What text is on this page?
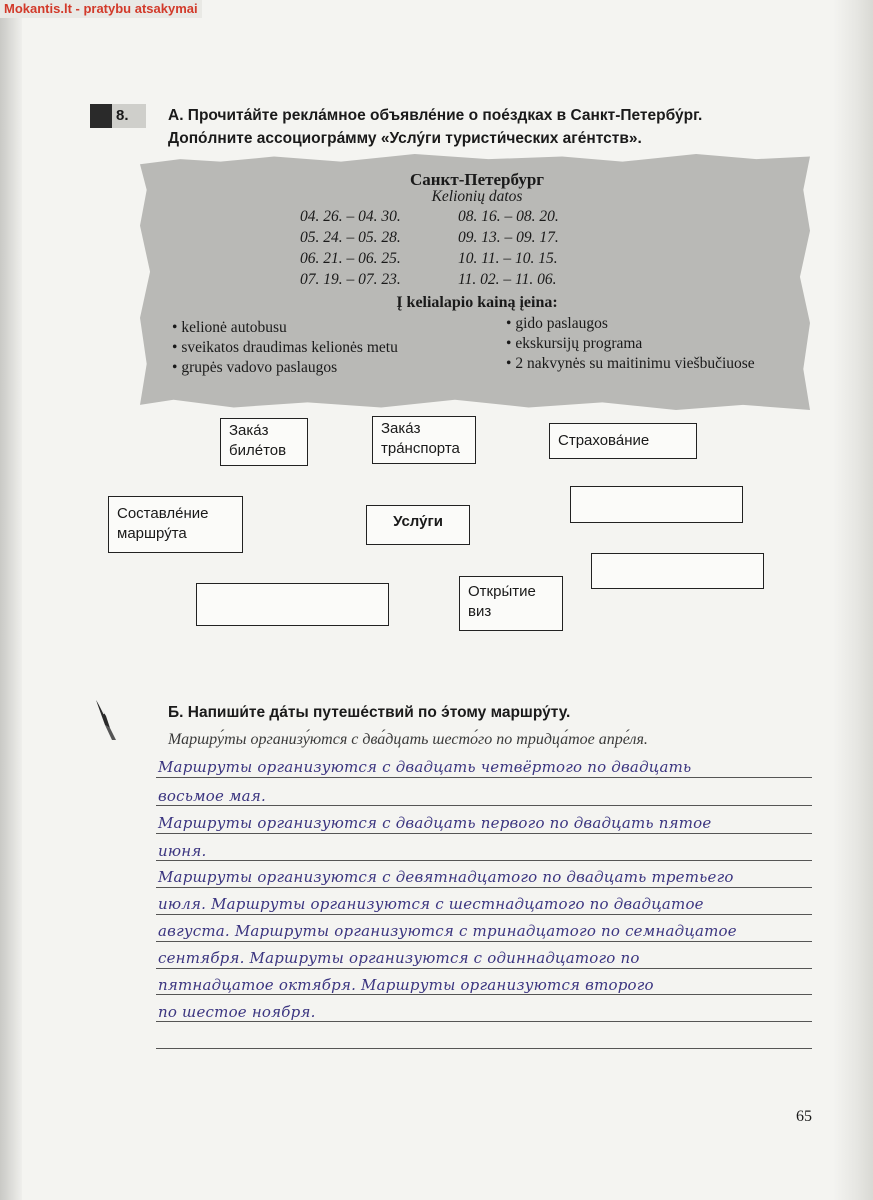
Mokantis.lt - pratybu atsakymai
8.	А. Прочита́йте рекла́мное объявле́ние о пое́здках в Санкт-Петербу́рг.
Допо́лните ассоциогра́мму «Услу́ги туристи́ческих аге́нтств».
Санкт-Петербург
Kelionių datos
04. 26. – 04. 30.
05. 24. – 05. 28.
06. 21. – 06. 25.
07. 19. – 07. 23.
08. 16. – 08. 20.
09. 13. – 09. 17.
10. 11. – 10. 15.
11. 02. – 11. 06.
Į kelialapio kainą įeina:
• kelionė autobusu
• sveikatos draudimas kelionės metu
• grupės vadovo paslaugos
• gido paslaugos
• ekskursijų programa
• 2 nakvynės su maitinimu viešbučiuose
Зака́з
биле́тов
Зака́з
тра́нспорта	Страхова́ние
Составле́ние
маршру́та
Услу́ги
Откры́тие
виз
Б. Напиши́те да́ты путеше́ствий по э́тому маршру́ту.
Маршру́ты организу́ются с два́дцать шесто́го по тридца́тое апре́ля.
Маршруты организуются с двадцать четвёртого по двадцать
восьмое мая.
Маршруты организуются с двадцать первого по двадцать пятое
июня.
Маршруты организуются с девятнадцатого по двадцать третьего
июля. Маршруты организуются с шестнадцатого по двадцатое
августа. Маршруты организуются с тринадцатого по семнадцатое
сентября. Маршруты организуются с одиннадцатого по
пятнадцатое октября. Маршруты организуются второго
по шестое ноября.
65
